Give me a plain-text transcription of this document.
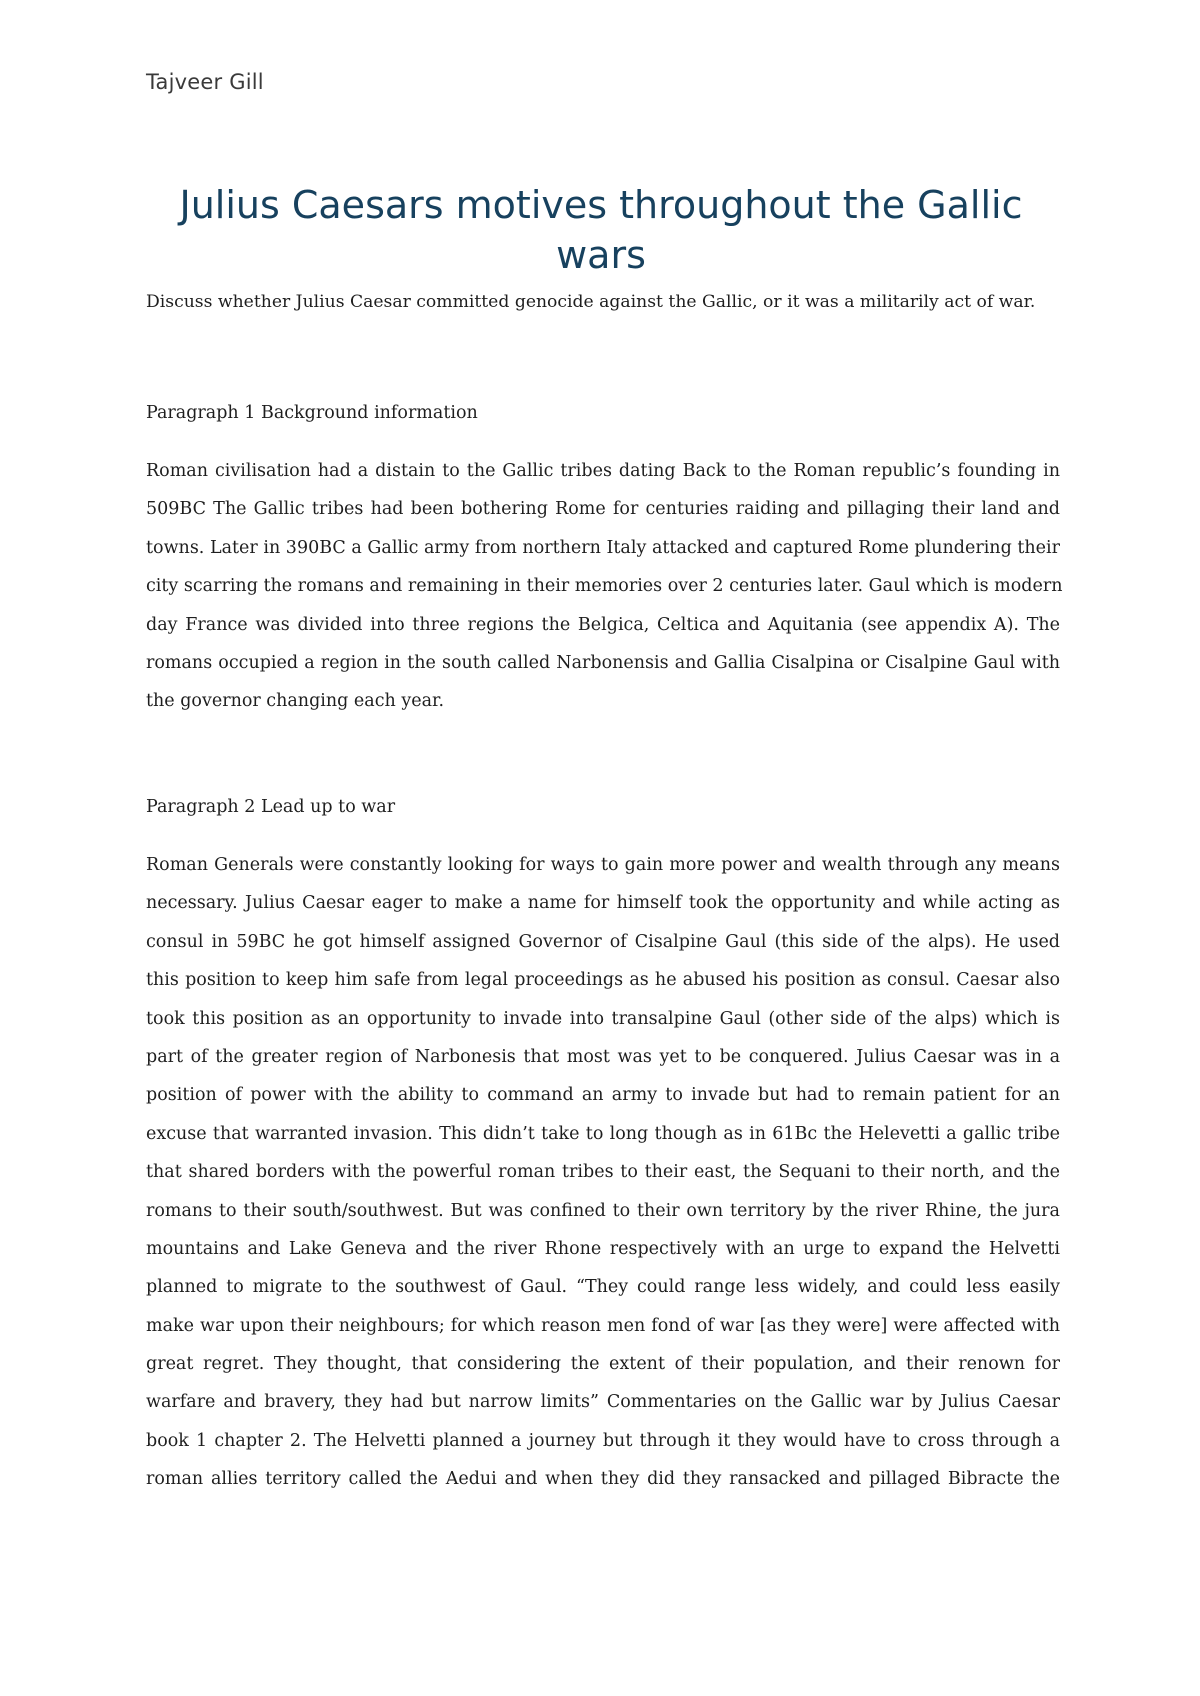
Tajveer Gill
Julius Caesars motives throughout the Gallic
wars

Discuss whether Julius Caesar committed genocide against the Gallic, or it was a militarily act of war.

Paragraph 1 Background information
Roman civilisation had a distain to the Gallic tribes dating Back to the Roman republic’s founding in
509BC The Gallic tribes had been bothering Rome for centuries raiding and pillaging their land and
towns. Later in 390BC a Gallic army from northern Italy attacked and captured Rome plundering their
city scarring the romans and remaining in their memories over 2 centuries later. Gaul which is modern
day France was divided into three regions the Belgica, Celtica and Aquitania (see appendix A). The
romans occupied a region in the south called Narbonensis and Gallia Cisalpina or Cisalpine Gaul with
the governor changing each year.
Paragraph 2 Lead up to war
Roman Generals were constantly looking for ways to gain more power and wealth through any means
necessary. Julius Caesar eager to make a name for himself took the opportunity and while acting as
consul in 59BC he got himself assigned Governor of Cisalpine Gaul (this side of the alps). He used
this position to keep him safe from legal proceedings as he abused his position as consul. Caesar also
took this position as an opportunity to invade into transalpine Gaul (other side of the alps) which is
part of the greater region of Narbonesis that most was yet to be conquered. Julius Caesar was in a
position of power with the ability to command an army to invade but had to remain patient for an
excuse that warranted invasion. This didn’t take to long though as in 61Bc the Helevetti a gallic tribe
that shared borders with the powerful roman tribes to their east, the Sequani to their north, and the
romans to their south/southwest. But was confined to their own territory by the river Rhine, the jura
mountains and Lake Geneva and the river Rhone respectively with an urge to expand the Helvetti
planned to migrate to the southwest of Gaul. “They could range less widely, and could less easily
make war upon their neighbours; for which reason men fond of war [as they were] were affected with
great regret. They thought, that considering the extent of their population, and their renown for
warfare and bravery, they had but narrow limits” Commentaries on the Gallic war by Julius Caesar
book 1 chapter 2. The Helvetti planned a journey but through it they would have to cross through a
roman allies territory called the Aedui and when they did they ransacked and pillaged Bibracte the
